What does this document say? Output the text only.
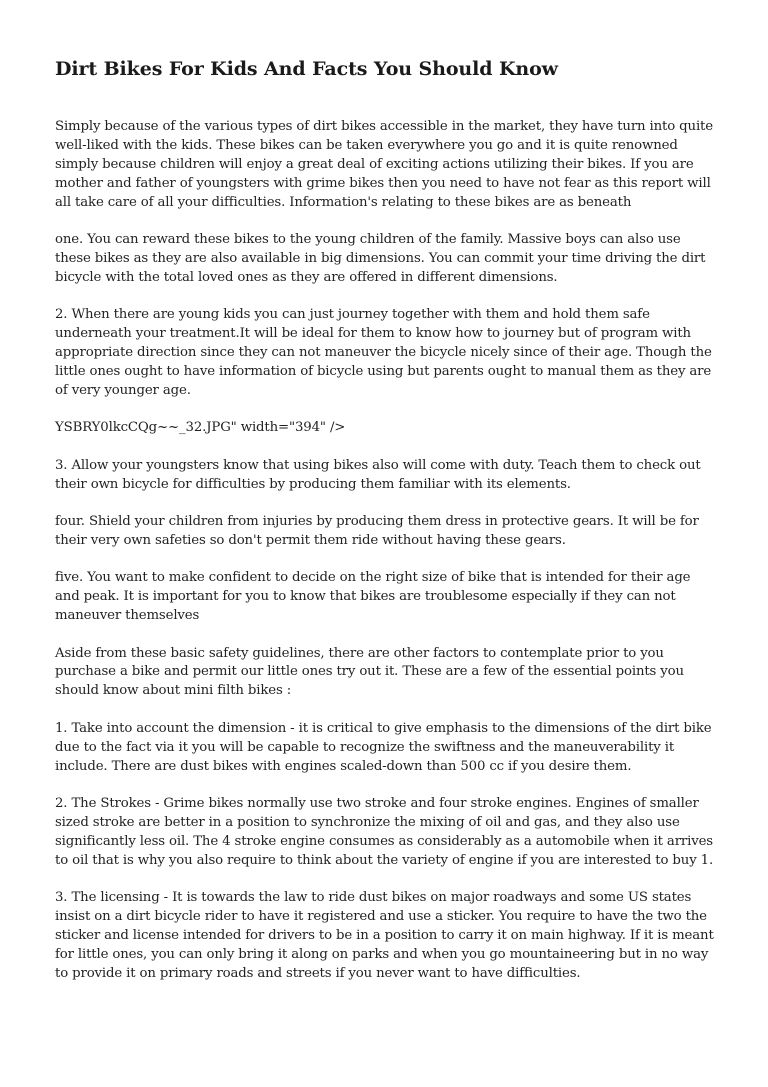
Dirt Bikes For Kids And Facts You Should Know

Simply because of the various types of dirt bikes accessible in the market, they have turn into quite well-liked with the kids. These bikes can be taken everywhere you go and it is quite renowned simply because children will enjoy a great deal of exciting actions utilizing their bikes. If you are mother and father of youngsters with grime bikes then you need to have not fear as this report will all take care of all your difficulties. Information's relating to these bikes are as beneath

one. You can reward these bikes to the young children of the family. Massive boys can also use these bikes as they are also available in big dimensions. You can commit your time driving the dirt bicycle with the total loved ones as they are offered in different dimensions.

2. When there are young kids you can just journey together with them and hold them safe underneath your treatment.It will be ideal for them to know how to journey but of program with appropriate direction since they can not maneuver the bicycle nicely since of their age. Though the little ones ought to have information of bicycle using but parents ought to manual them as they are of very younger age.

YSBRY0lkcCQg~~_32.JPG" width="394" />

3. Allow your youngsters know that using bikes also will come with duty. Teach them to check out their own bicycle for difficulties by producing them familiar with its elements.

four. Shield your children from injuries by producing them dress in protective gears. It will be for their very own safeties so don't permit them ride without having these gears.

five. You want to make confident to decide on the right size of bike that is intended for their age and peak. It is important for you to know that bikes are troublesome especially if they can not maneuver themselves

Aside from these basic safety guidelines, there are other factors to contemplate prior to you purchase a bike and permit our little ones try out it. These are a few of the essential points you should know about mini filth bikes :

1. Take into account the dimension - it is critical to give emphasis to the dimensions of the dirt bike due to the fact via it you will be capable to recognize the swiftness and the maneuverability it include. There are dust bikes with engines scaled-down than 500 cc if you desire them.

2. The Strokes - Grime bikes normally use two stroke and four stroke engines. Engines of smaller sized stroke are better in a position to synchronize the mixing of oil and gas, and they also use significantly less oil. The 4 stroke engine consumes as considerably as a automobile when it arrives to oil that is why you also require to think about the variety of engine if you are interested to buy 1.

3. The licensing - It is towards the law to ride dust bikes on major roadways and some US states insist on a dirt bicycle rider to have it registered and use a sticker. You require to have the two the sticker and license intended for drivers to be in a position to carry it on main highway. If it is meant for little ones, you can only bring it along on parks and when you go mountaineering but in no way to provide it on primary roads and streets if you never want to have difficulties.
